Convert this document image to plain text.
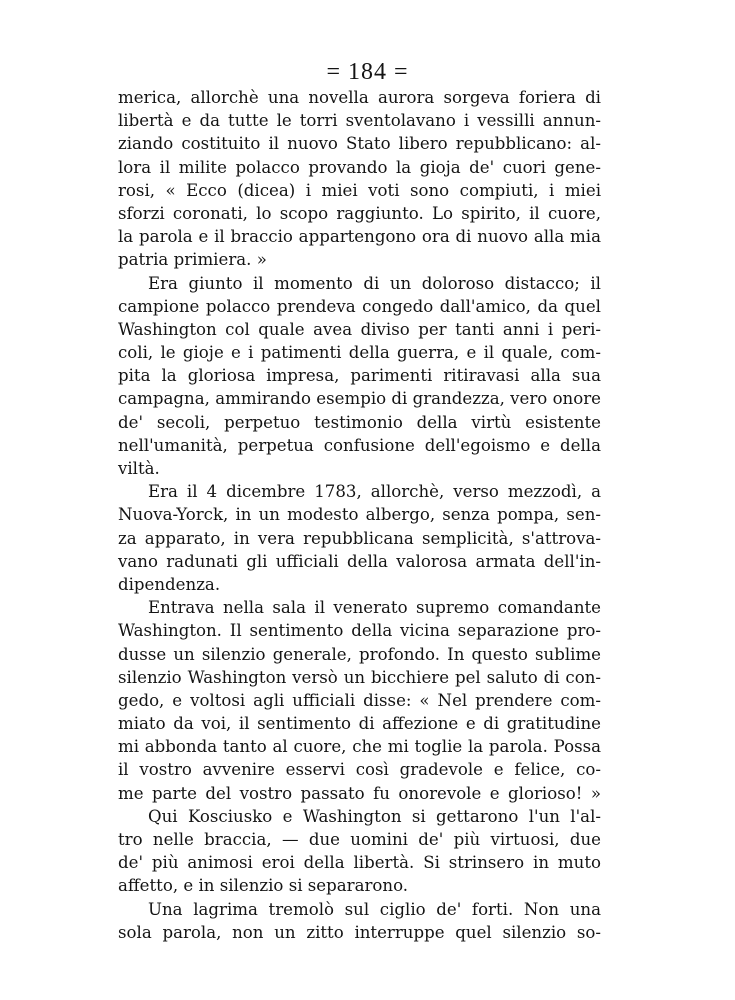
= 184 =
merica, allorchè una novella aurora sorgeva foriera di
libertà e da tutte le torri sventolavano i vessilli annun-
ziando costituito il nuovo Stato libero repubblicano: al-
lora il milite polacco provando la gioja de' cuori gene-
rosi, « Ecco (dicea) i miei voti sono compiuti, i miei
sforzi coronati, lo scopo raggiunto. Lo spirito, il cuore,
la parola e il braccio appartengono ora di nuovo alla mia
patria primiera. »
Era giunto il momento di un doloroso distacco; il
campione polacco prendeva congedo dall'amico, da quel
Washington col quale avea diviso per tanti anni i peri-
coli, le gioje e i patimenti della guerra, e il quale, com-
pita la gloriosa impresa, parimenti ritiravasi alla sua
campagna, ammirando esempio di grandezza, vero onore
de' secoli, perpetuo testimonio della virtù esistente
nell'umanità, perpetua confusione dell'egoismo e della
viltà.
Era il 4 dicembre 1783, allorchè, verso mezzodì, a
Nuova-Yorck, in un modesto albergo, senza pompa, sen-
za apparato, in vera repubblicana semplicità, s'attrova-
vano radunati gli ufficiali della valorosa armata dell'in-
dipendenza.
Entrava nella sala il venerato supremo comandante
Washington. Il sentimento della vicina separazione pro-
dusse un silenzio generale, profondo. In questo sublime
silenzio Washington versò un bicchiere pel saluto di con-
gedo, e voltosi agli ufficiali disse: « Nel prendere com-
miato da voi, il sentimento di affezione e di gratitudine
mi abbonda tanto al cuore, che mi toglie la parola. Possa
il vostro avvenire esservi così gradevole e felice, co-
me parte del vostro passato fu onorevole e glorioso! »
Qui Kosciusko e Washington si gettarono l'un l'al-
tro nelle braccia, — due uomini de' più virtuosi, due
de' più animosi eroi della libertà. Si strinsero in muto
affetto, e in silenzio si separarono.
Una lagrima tremolò sul ciglio de' forti. Non una
sola parola, non un zitto interruppe quel silenzio so-
